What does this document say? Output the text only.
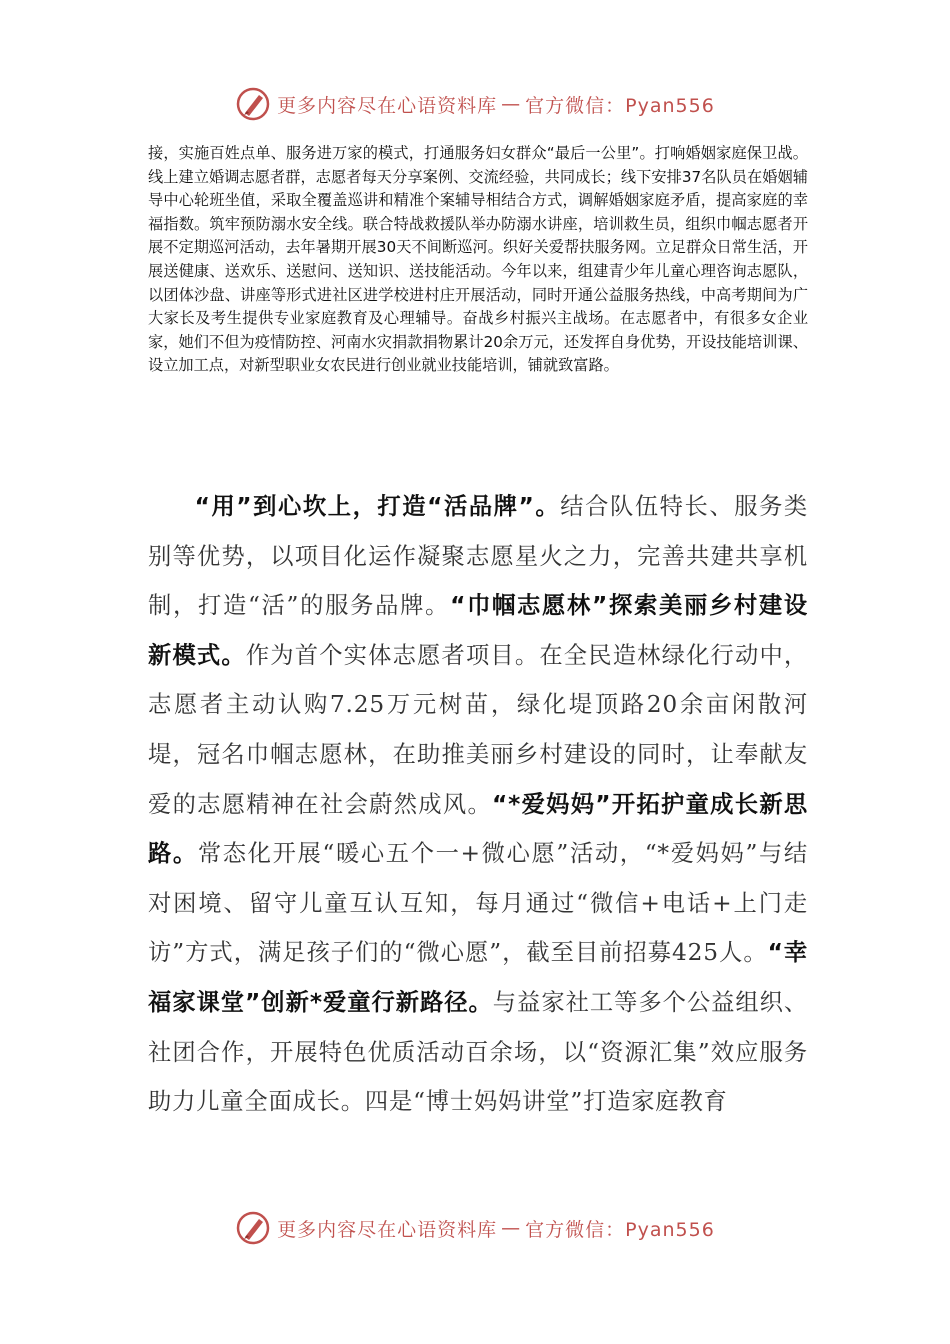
更多内容尽在心语资料库 — 官方微信：Pyan556

接，实施百姓点单、服务进万家的模式，打通服务妇女群众“最后一公里”。打响婚姻家庭保卫战。线上建立婚调志愿者群，志愿者每天分享案例、交流经验，共同成长；线下安排37名队员在婚姻辅导中心轮班坐值，采取全覆盖巡讲和精准个案辅导相结合方式，调解婚姻家庭矛盾，提高家庭的幸福指数。筑牢预防溺水安全线。联合特战救援队举办防溺水讲座，培训救生员，组织巾帼志愿者开展不定期巡河活动，去年暑期开展30天不间断巡河。织好关爱帮扶服务网。立足群众日常生活，开展送健康、送欢乐、送慰问、送知识、送技能活动。今年以来，组建青少年儿童心理咨询志愿队，以团体沙盘、讲座等形式进社区进学校进村庄开展活动，同时开通公益服务热线，中高考期间为广大家长及考生提供专业家庭教育及心理辅导。奋战乡村振兴主战场。在志愿者中，有很多女企业家，她们不但为疫情防控、河南水灾捐款捐物累计20余万元，还发挥自身优势，开设技能培训课、设立加工点，对新型职业女农民进行创业就业技能培训，铺就致富路。

“用”到心坎上，打造“活品牌”。结合队伍特长、服务类别等优势，以项目化运作凝聚志愿星火之力，完善共建共享机制，打造“活”的服务品牌。“巾帼志愿林”探索美丽乡村建设新模式。作为首个实体志愿者项目。在全民造林绿化行动中，志愿者主动认购7.25万元树苗，绿化堤顶路20余亩闲散河堤，冠名巾帼志愿林，在助推美丽乡村建设的同时，让奉献友爱的志愿精神在社会蔚然成风。“*爱妈妈”开拓护童成长新思路。常态化开展“暖心五个一+微心愿”活动，“*爱妈妈”与结对困境、留守儿童互认互知，每月通过“微信+电话+上门走访”方式，满足孩子们的“微心愿”，截至目前招募425人。“幸福家课堂”创新*爱童行新路径。与益家社工等多个公益组织、社团合作，开展特色优质活动百余场，以“资源汇集”效应服务助力儿童全面成长。四是“博士妈妈讲堂”打造家庭教育

更多内容尽在心语资料库 — 官方微信：Pyan556
